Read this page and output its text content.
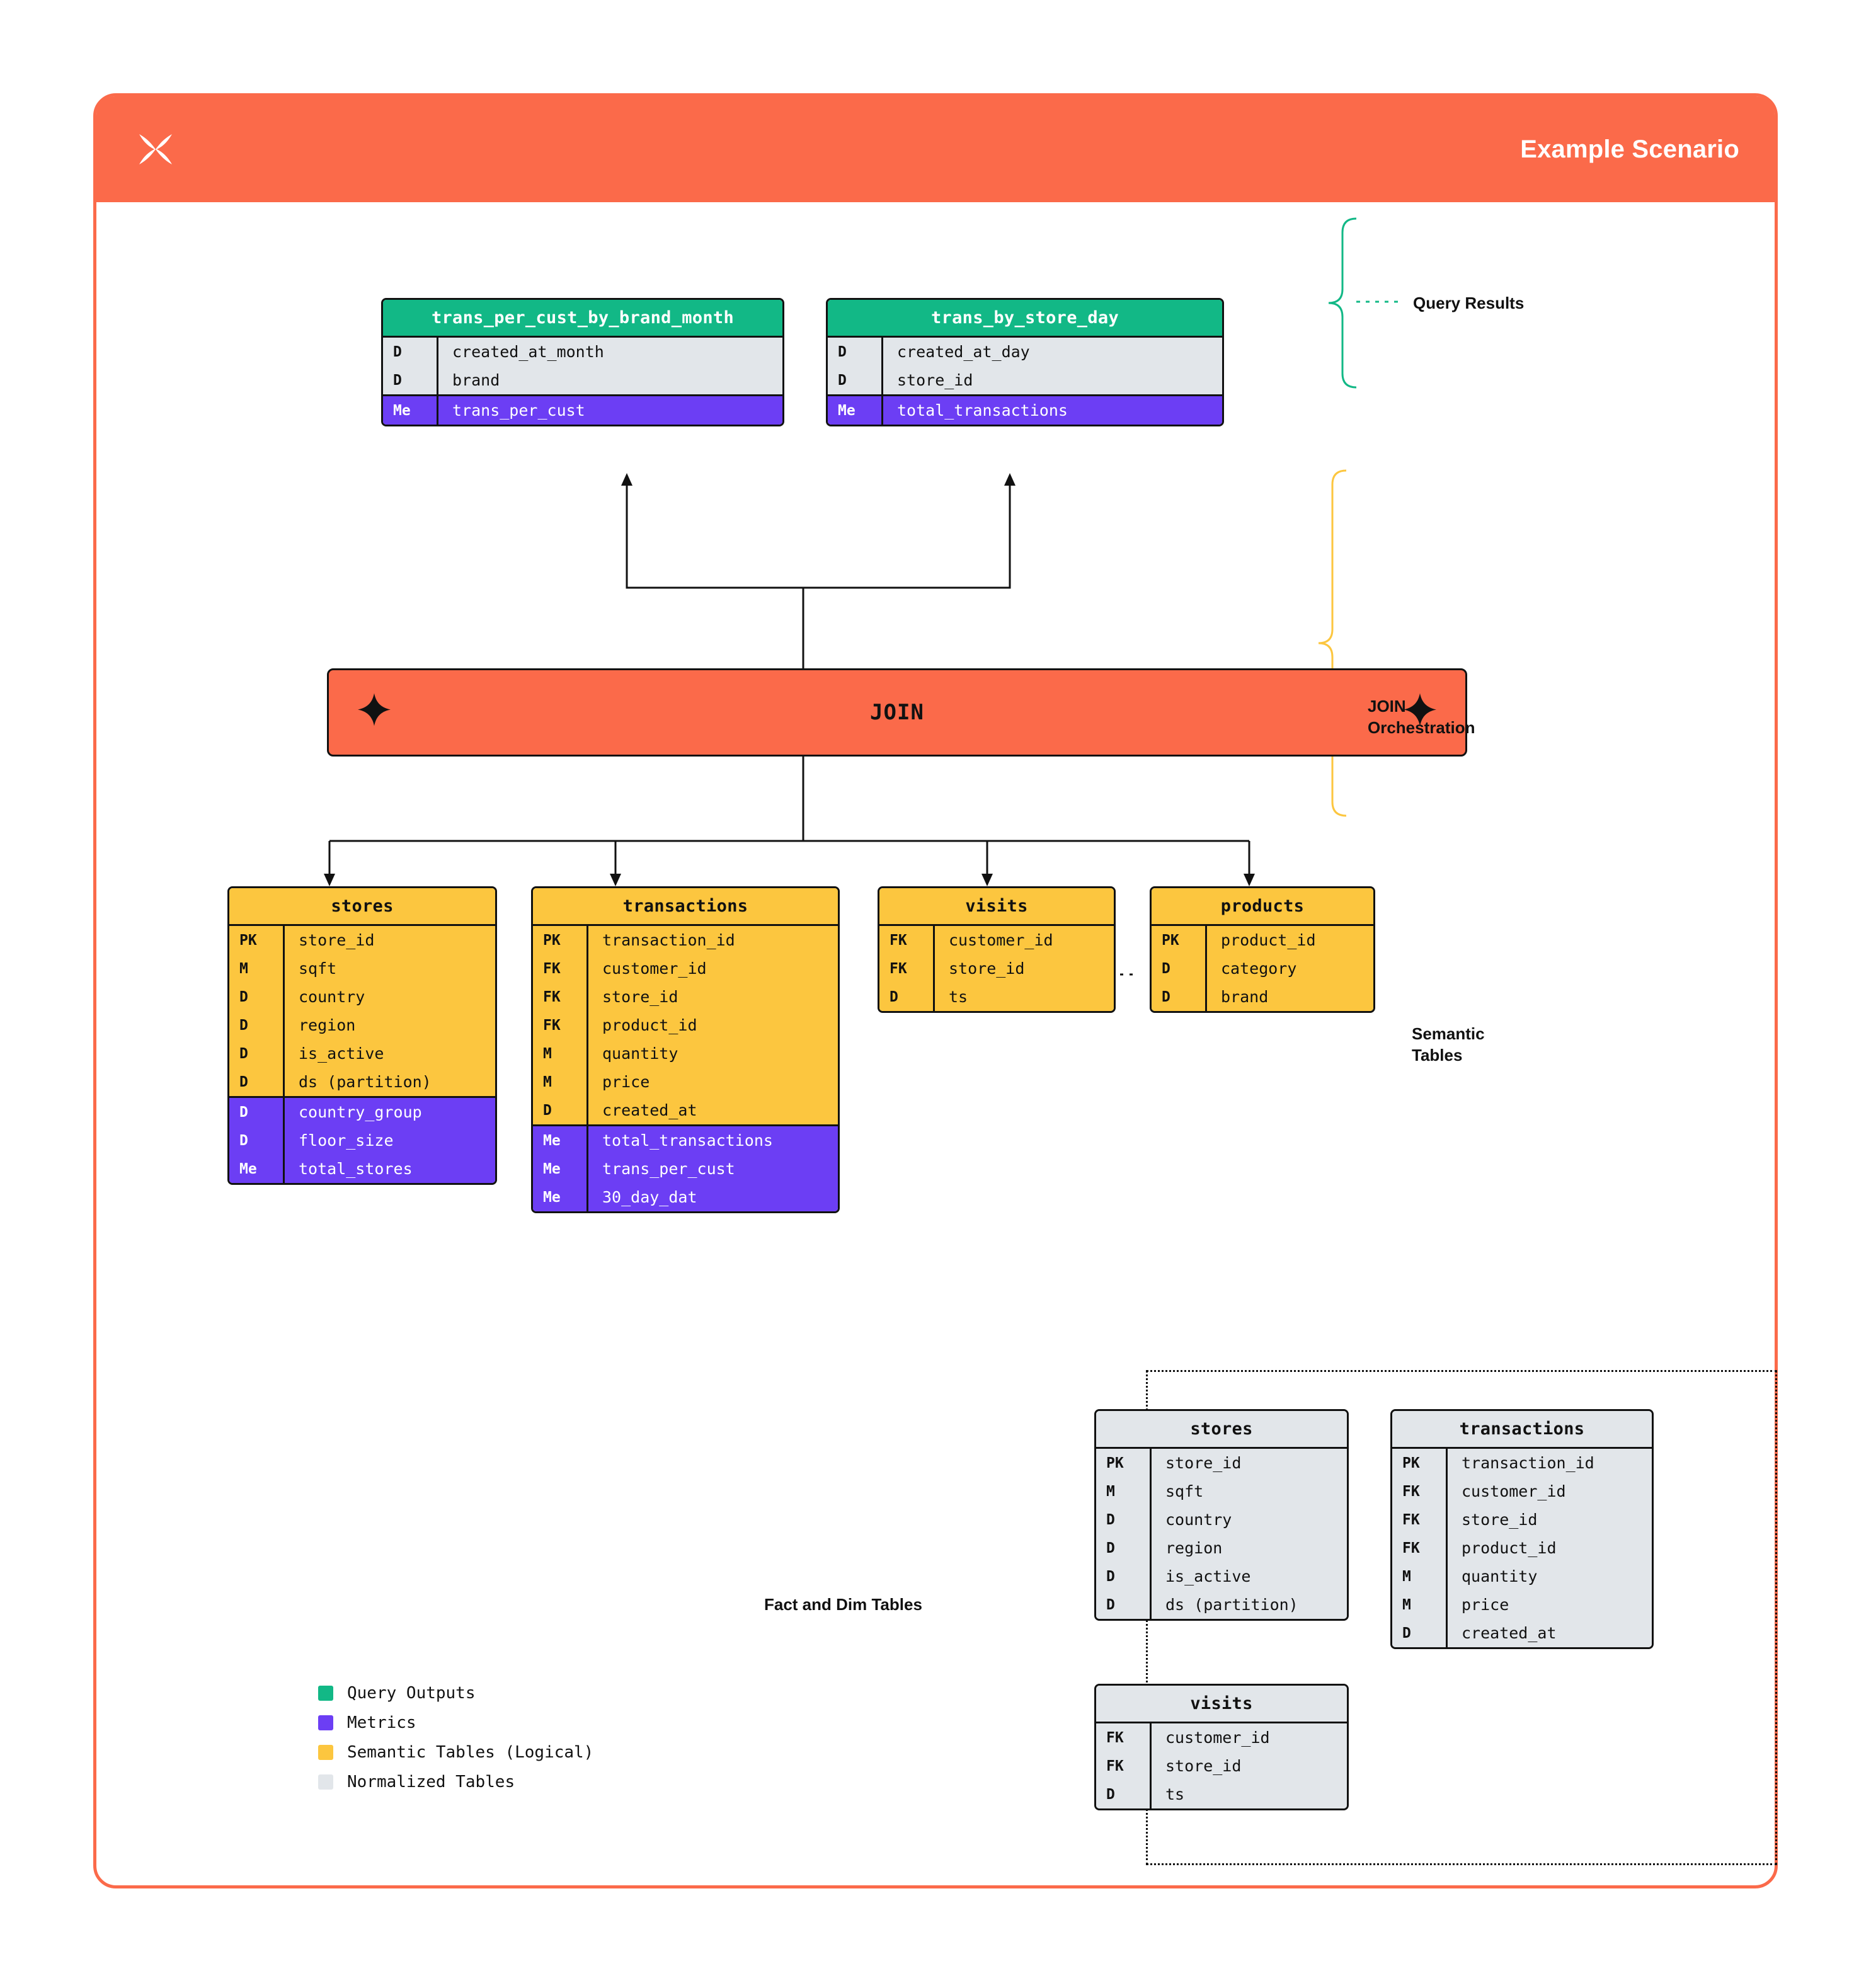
Example Scenario
trans_per_cust_by_brand_month
D	created_at_month
D	brand
Me	trans_per_cust
trans_by_store_day
D	created_at_day
D	store_id
Me	total_transactions
Query Results
JOIN	JOIN
Orchestration
stores
PK	store_id
M	sqft
D	country
D	region
D	is_active
D	ds (partition)
D	country_group
D	floor_size
Me	total_stores
transactions
PK	transaction_id
FK	customer_id
FK	store_id
FK	product_id
M	quantity
M	price
D	created_at
Me	total_transactions
Me	trans_per_cust
Me	30_day_dat
visits
FK	customer_id
FK	store_id
D	ts
products
PK	product_id
D	category
D	brand
Semantic
Tables
Fact and Dim Tables
stores
PK	store_id
M	sqft
D	country
D	region
D	is_active
D	ds (partition)
transactions
PK	transaction_id
FK	customer_id
FK	store_id
FK	product_id
M	quantity
M	price
D	created_at
visits
FK	customer_id
FK	store_id
D	ts
Query Outputs
Metrics
Semantic Tables (Logical)
Normalized Tables
